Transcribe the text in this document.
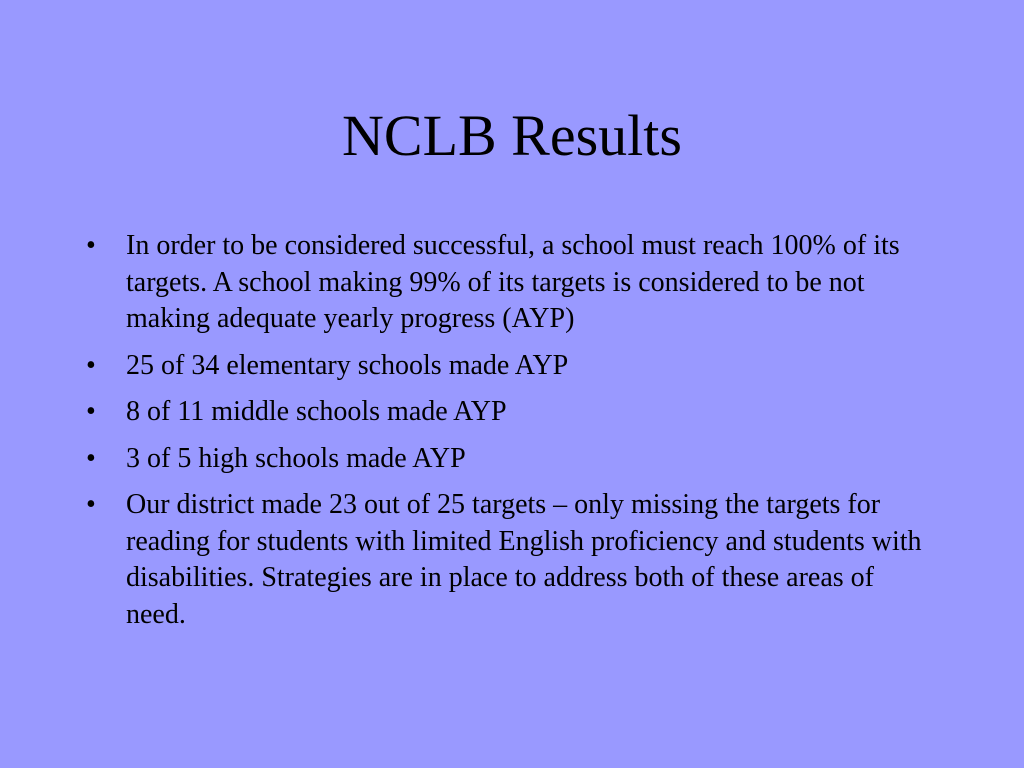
NCLB Results
•	In order to be considered successful, a school must reach 100% of its targets. A school making 99% of its targets is considered to be not making adequate yearly progress (AYP)
•	25 of 34 elementary schools made AYP
•	8 of 11 middle schools made AYP
•	3 of 5 high schools made AYP
•	Our district made 23 out of 25 targets – only missing the targets for reading for students with limited English proficiency and students with disabilities. Strategies are in place to address both of these areas of need.
